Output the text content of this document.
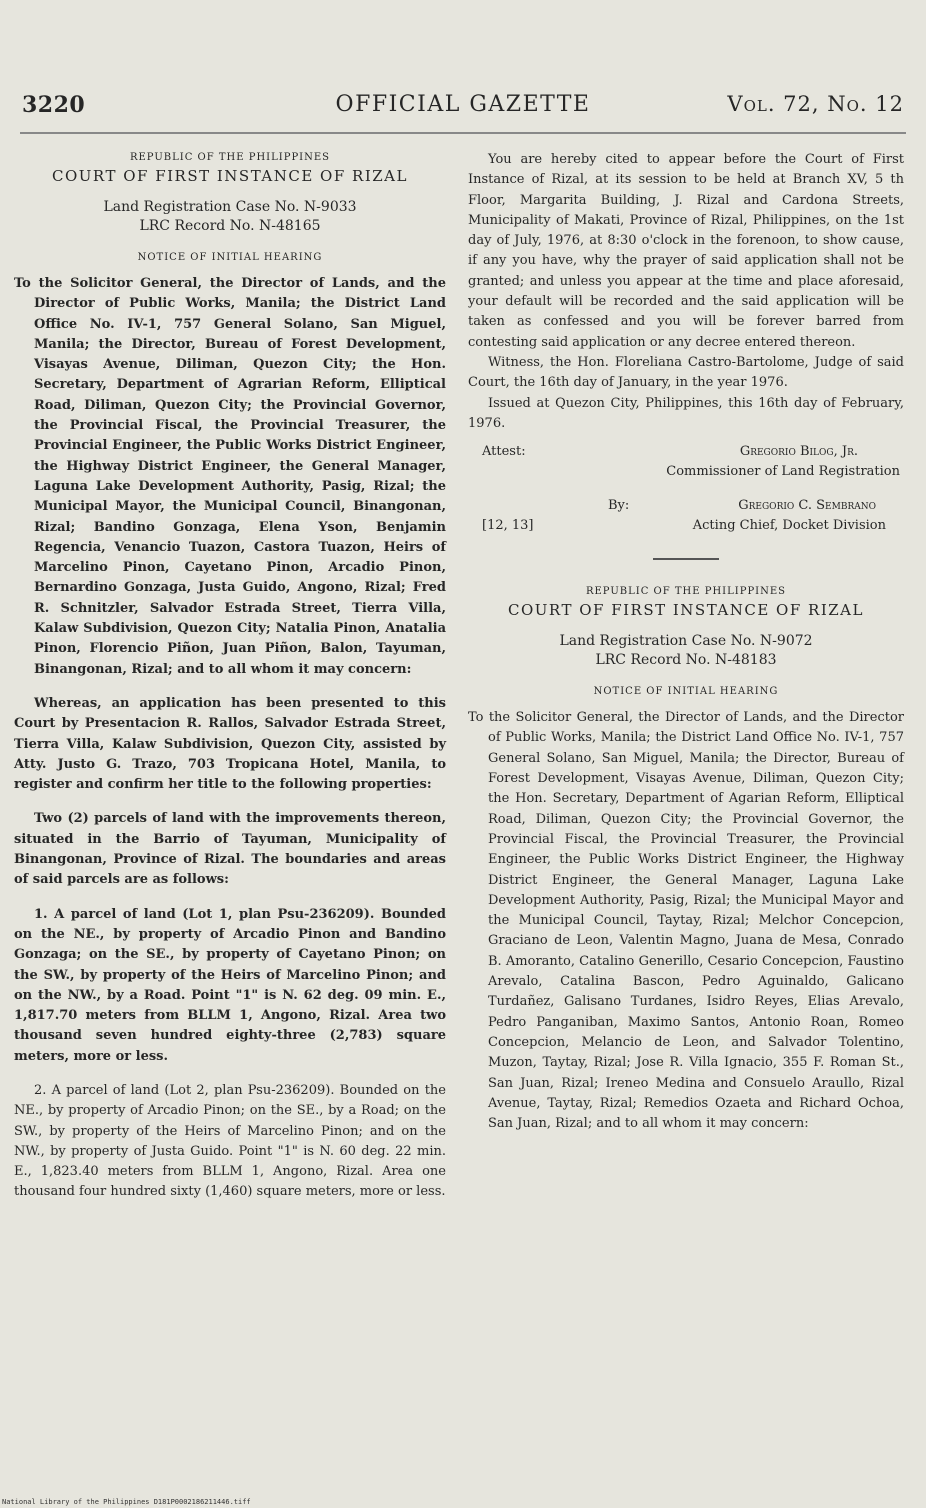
3220	OFFICIAL GAZETTE	Vol. 72, No. 12
REPUBLIC OF THE PHILIPPINES
COURT OF FIRST INSTANCE OF RIZAL
Land Registration Case No. N-9033
LRC Record No. N-48165
NOTICE OF INITIAL HEARING

To the Solicitor General, the Director of Lands, and the Director of Public Works, Manila; the District Land Office No. IV-1, 757 General Solano, San Miguel, Manila; the Director, Bureau of Forest Development, Visayas Avenue, Diliman, Quezon City; the Hon. Secretary, Department of Agrarian Reform, Elliptical Road, Diliman, Quezon City; the Provincial Governor, the Provincial Fiscal, the Provincial Treasurer, the Provincial Engineer, the Public Works District Engineer, the Highway District Engineer, the General Manager, Laguna Lake Development Authority, Pasig, Rizal; the Municipal Mayor, the Municipal Council, Binangonan, Rizal; Bandino Gonzaga, Elena Yson, Benjamin Regencia, Venancio Tuazon, Castora Tuazon, Heirs of Marcelino Pinon, Cayetano Pinon, Arcadio Pinon, Bernardino Gonzaga, Justa Guido, Angono, Rizal; Fred R. Schnitzler, Salvador Estrada Street, Tierra Villa, Kalaw Subdivision, Quezon City; Natalia Pinon, Anatalia Pinon, Florencio Piñon, Juan Piñon, Balon, Tayuman, Binangonan, Rizal; and to all whom it may concern:

Whereas, an application has been presented to this Court by Presentacion R. Rallos, Salvador Estrada Street, Tierra Villa, Kalaw Subdivision, Quezon City, assisted by Atty. Justo G. Trazo, 703 Tropicana Hotel, Manila, to register and confirm her title to the following properties:

Two (2) parcels of land with the improvements thereon, situated in the Barrio of Tayuman, Municipality of Binangonan, Province of Rizal. The boundaries and areas of said parcels are as follows:

1. A parcel of land (Lot 1, plan Psu-236209). Bounded on the NE., by property of Arcadio Pinon and Bandino Gonzaga; on the SE., by property of Cayetano Pinon; on the SW., by property of the Heirs of Marcelino Pinon; and on the NW., by a Road. Point "1" is N. 62 deg. 09 min. E., 1,817.70 meters from BLLM 1, Angono, Rizal. Area two thousand seven hundred eighty-three (2,783) square meters, more or less.

2. A parcel of land (Lot 2, plan Psu-236209). Bounded on the NE., by property of Arcadio Pinon; on the SE., by a Road; on the SW., by property of the Heirs of Marcelino Pinon; and on the NW., by property of Justa Guido. Point "1" is N. 60 deg. 22 min. E., 1,823.40 meters from BLLM 1, Angono, Rizal. Area one thousand four hundred sixty (1,460) square meters, more or less.

You are hereby cited to appear before the Court of First Instance of Rizal, at its session to be held at Branch XV, 5 th Floor, Margarita Building, J. Rizal and Cardona Streets, Municipality of Makati, Province of Rizal, Philippines, on the 1st day of July, 1976, at 8:30 o'clock in the forenoon, to show cause, if any you have, why the prayer of said application shall not be granted; and unless you appear at the time and place aforesaid, your default will be recorded and the said application will be taken as confessed and you will be forever barred from contesting said application or any decree entered thereon.

Witness, the Hon. Floreliana Castro-Bartolome, Judge of said Court, the 16th day of January, in the year 1976.

Issued at Quezon City, Philippines, this 16th day of February, 1976.

Attest:	Gregorio Bilog, Jr.
Commissioner of Land Registration
By:	Gregorio C. Sembrano
[12, 13]	Acting Chief, Docket Division
REPUBLIC OF THE PHILIPPINES
COURT OF FIRST INSTANCE OF RIZAL
Land Registration Case No. N-9072
LRC Record No. N-48183
NOTICE OF INITIAL HEARING

To the Solicitor General, the Director of Lands, and the Director of Public Works, Manila; the District Land Office No. IV-1, 757 General Solano, San Miguel, Manila; the Director, Bureau of Forest Development, Visayas Avenue, Diliman, Quezon City; the Hon. Secretary, Department of Agarian Reform, Elliptical Road, Diliman, Quezon City; the Provincial Governor, the Provincial Fiscal, the Provincial Treasurer, the Provincial Engineer, the Public Works District Engineer, the Highway District Engineer, the General Manager, Laguna Lake Development Authority, Pasig, Rizal; the Municipal Mayor and the Municipal Council, Taytay, Rizal; Melchor Concepcion, Graciano de Leon, Valentin Magno, Juana de Mesa, Conrado B. Amoranto, Catalino Generillo, Cesario Concepcion, Faustino Arevalo, Catalina Bascon, Pedro Aguinaldo, Galicano Turdañez, Galisano Turdanes, Isidro Reyes, Elias Arevalo, Pedro Panganiban, Maximo Santos, Antonio Roan, Romeo Concepcion, Melancio de Leon, and Salvador Tolentino, Muzon, Taytay, Rizal; Jose R. Villa Ignacio, 355 F. Roman St., San Juan, Rizal; Ireneo Medina and Consuelo Araullo, Rizal Avenue, Taytay, Rizal; Remedios Ozaeta and Richard Ochoa, San Juan, Rizal; and to all whom it may concern:

National Library of the Philippines D181P0002186211446.tiff
